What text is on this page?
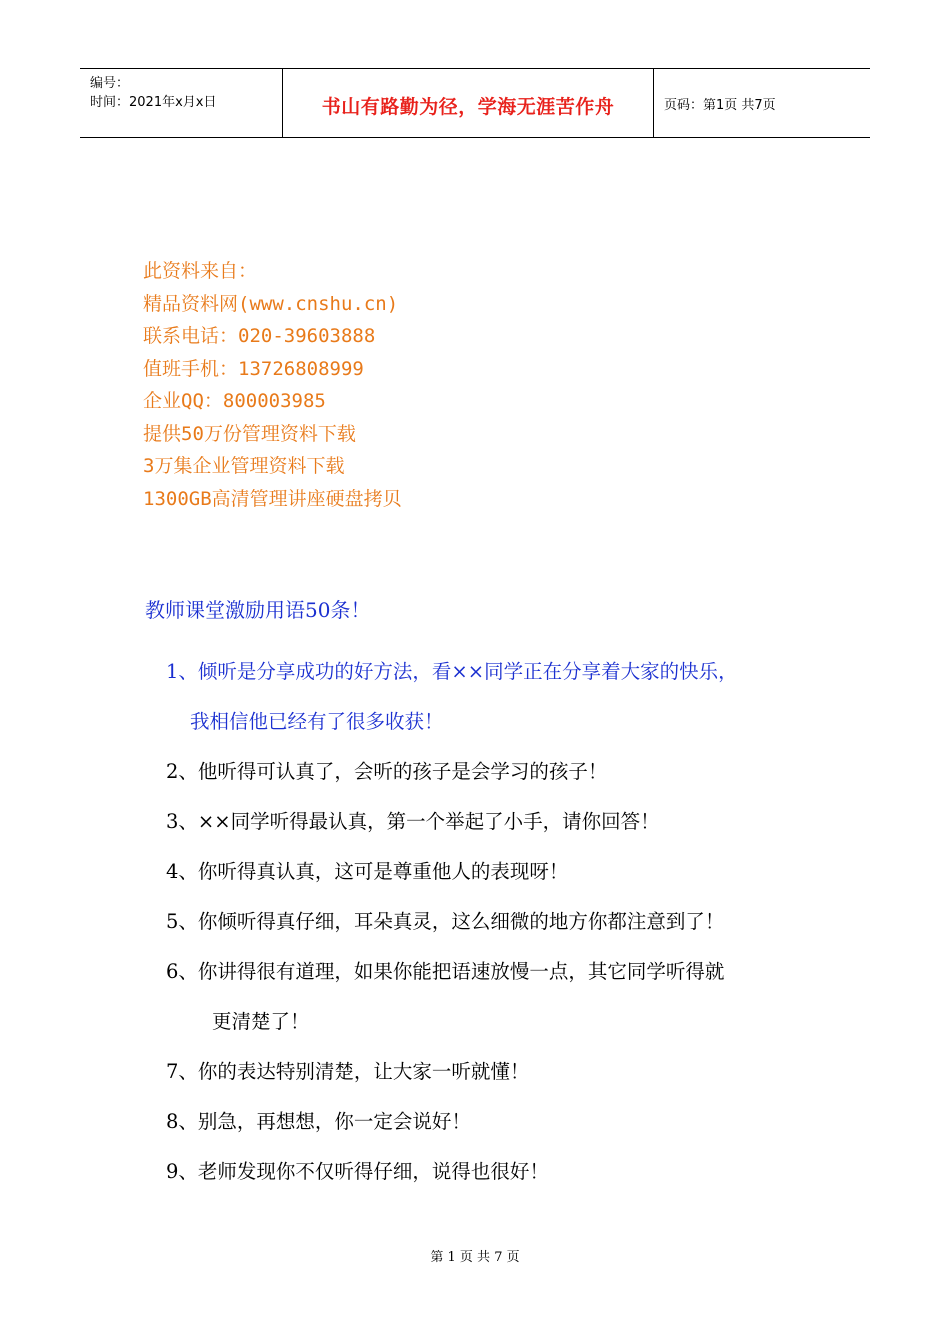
编号：
时间：2021年x月x日	书山有路勤为径，学海无涯苦作舟	页码：第1页 共7页
此资料来自：
精品资料网(www.cnshu.cn)
联系电话：020-39603888
值班手机：13726808999
企业QQ：800003985
提供50万份管理资料下载
3万集企业管理资料下载
1300GB高清管理讲座硬盘拷贝
教师课堂激励用语50条！
1、倾听是分享成功的好方法，看××同学正在分享着大家的快乐，
我相信他已经有了很多收获！
2、他听得可认真了，会听的孩子是会学习的孩子！
3、××同学听得最认真，第一个举起了小手，请你回答！
4、你听得真认真，这可是尊重他人的表现呀！
5、你倾听得真仔细，耳朵真灵，这么细微的地方你都注意到了！
6、你讲得很有道理，如果你能把语速放慢一点，其它同学听得就
更清楚了！
7、你的表达特别清楚，让大家一听就懂！
8、别急，再想想，你一定会说好！
9、老师发现你不仅听得仔细，说得也很好！
第 1 页 共 7 页
